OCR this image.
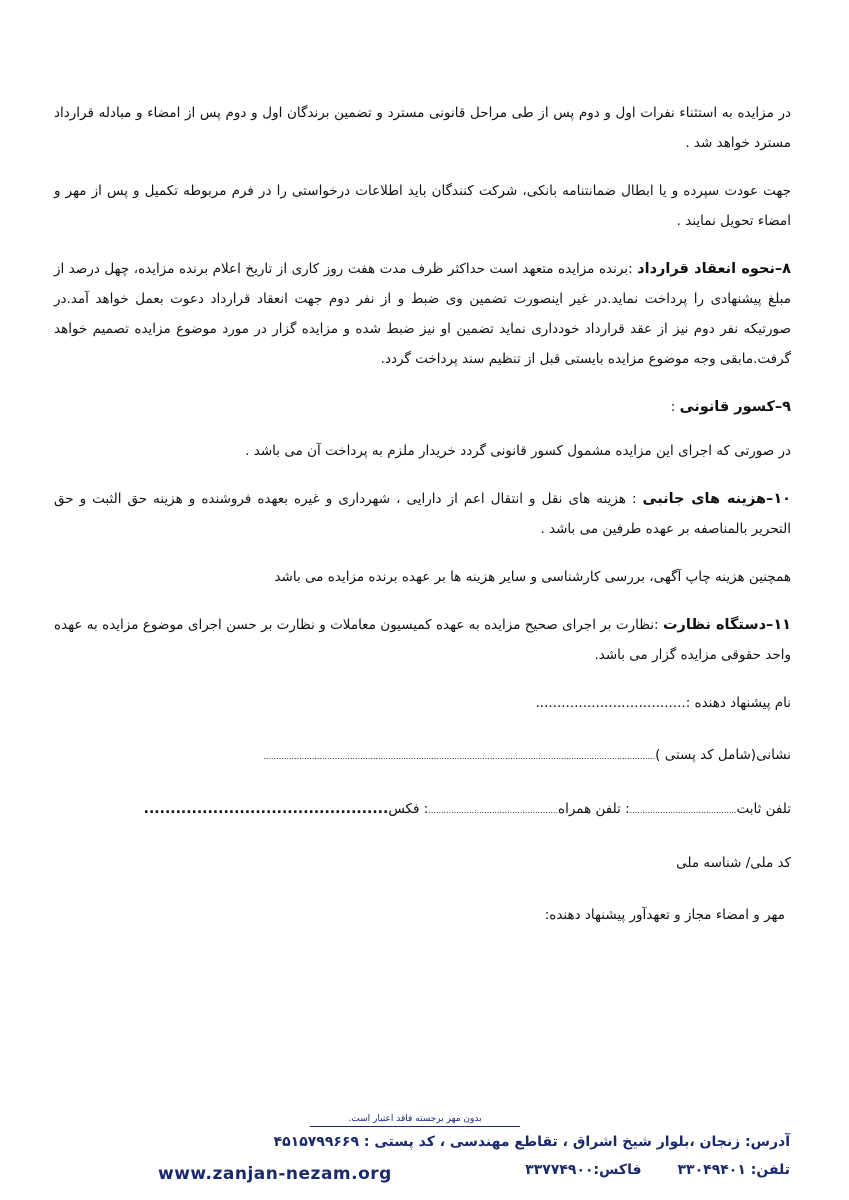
در مزایده به استثناء نفرات اول و دوم پس از طی مراحل قانونی مسترد و تضمین برندگان اول و دوم پس از امضاء و مبادله قرارداد مسترد خواهد شد .

جهت عودت سپرده و یا ابطال ضمانتنامه بانکی، شرکت کنندگان باید اطلاعات درخواستی را در فرم مربوطه تکمیل و پس از مهر و امضاء تحویل نمایند .

۸–نحوه انعقاد قرارداد :برنده مزایده متعهد است حداکثر ظرف مدت هفت روز کاری از تاریخ اعلام برنده مزایده، چهل درصد از مبلغ پیشنهادی را پرداخت نماید.در غیر اینصورت تضمین وی ضبط و از نفر دوم جهت انعقاد قرارداد دعوت بعمل خواهد آمد.در صورتیکه نفر دوم نیز از عقد قرارداد خودداری نماید تضمین او نیز ضبط شده و مزایده گزار در مورد موضوع مزایده تصمیم خواهد گرفت.مابقی وجه موضوع مزایده بایستی قبل از تنظیم سند پرداخت گردد.

۹–کسور قانونی :

در صورتی که اجرای این مزایده مشمول کسور قانونی گردد خریدار ملزم به پرداخت آن می باشد .

۱۰–هزینه های جانبی : هزینه های نقل و انتقال اعم از دارایی ، شهرداری و غیره بعهده فروشنده و هزینه حق الثبت و حق التحریر بالمناصفه بر عهده طرفین می باشد .

همچنین هزینه چاپ آگهی، بررسی کارشناسی و سایر هزینه ها بر عهده برنده مزایده می باشد

۱۱–دستگاه نظارت :نظارت بر اجرای صحیح مزایده به عهده کمیسیون معاملات و نظارت بر حسن اجرای موضوع مزایده به عهده واحد حقوقی مزایده گزار می باشد.

نام پیشنهاد دهنده :...................................
نشانی(شامل کد پستی )..........................................................................................................................................................
تلفن ثابت..........................................: تلفن همراه...................................................: فکس..............................................
کد ملی/ شناسه ملی
مهر و امضاء مجاز و تعهدآور پیشنهاد دهنده:
بدون مهر برجسته فاقد اعتبار است.
آدرس: زنجان ،بلوار شیخ اشراق ، تقاطع مهندسی ، کد پستی : ۴۵۱۵۷۹۹۶۶۹
تلفن: ۳۳۰۴۹۴۰۱فاکس:۳۳۷۷۴۹۰۰
www.zanjan-nezam.org
